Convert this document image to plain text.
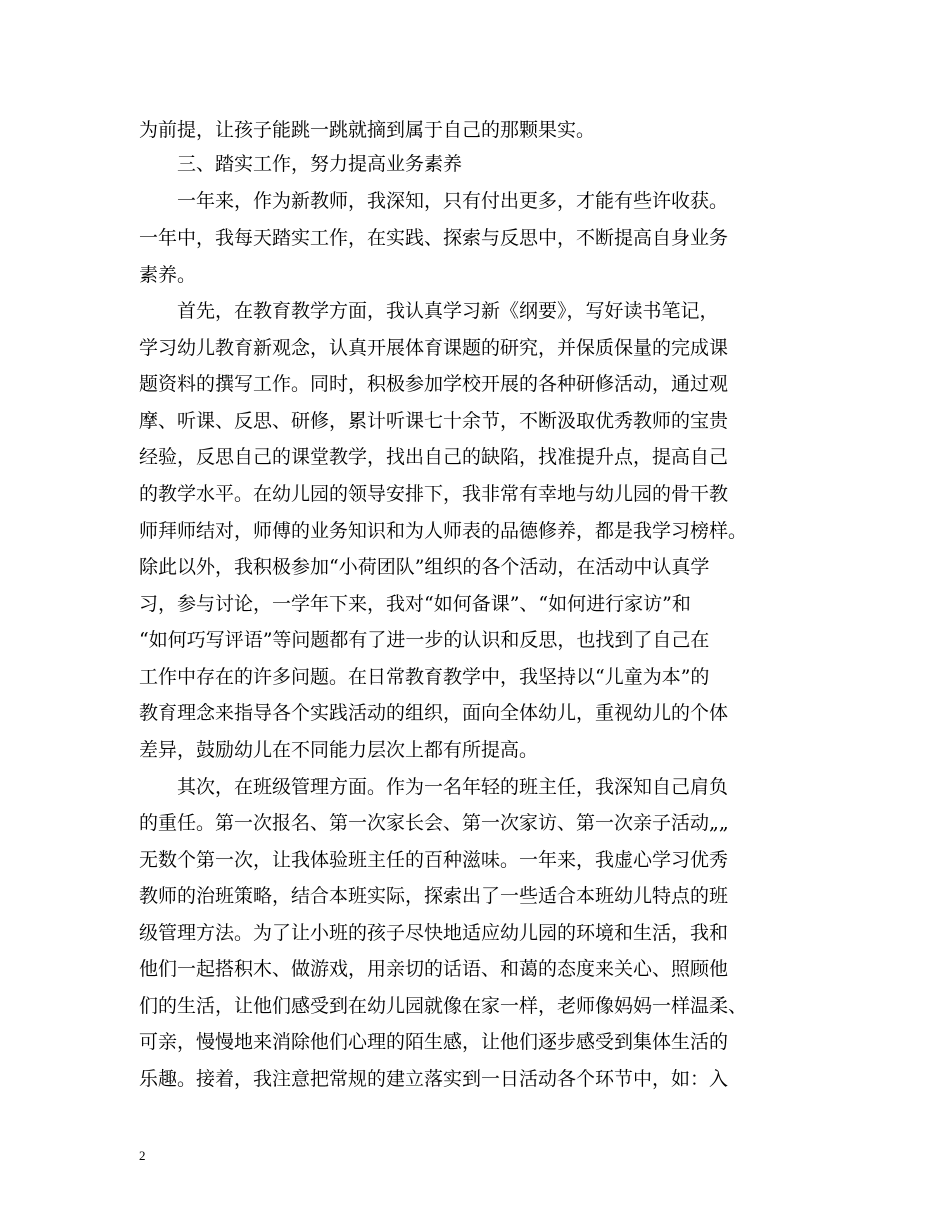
为前提，让孩子能跳一跳就摘到属于自己的那颗果实。
三、踏实工作，努力提高业务素养
一年来，作为新教师，我深知，只有付出更多，才能有些许收获。
一年中，我每天踏实工作，在实践、探索与反思中，不断提高自身业务
素养。
首先，在教育教学方面，我认真学习新《纲要》，写好读书笔记，
学习幼儿教育新观念，认真开展体育课题的研究，并保质保量的完成课
题资料的撰写工作。同时，积极参加学校开展的各种研修活动，通过观
摩、听课、反思、研修，累计听课七十余节，不断汲取优秀教师的宝贵
经验，反思自己的课堂教学，找出自己的缺陷，找准提升点，提高自己
的教学水平。在幼儿园的领导安排下，我非常有幸地与幼儿园的骨干教
师拜师结对，师傅的业务知识和为人师表的品德修养，都是我学习榜样。
除此以外，我积极参加“小荷团队”组织的各个活动，在活动中认真学
习，参与讨论，一学年下来，我对“如何备课”、“如何进行家访”和
“如何巧写评语”等问题都有了进一步的认识和反思，也找到了自己在
工作中存在的许多问题。在日常教育教学中，我坚持以“儿童为本”的
教育理念来指导各个实践活动的组织，面向全体幼儿，重视幼儿的个体
差异，鼓励幼儿在不同能力层次上都有所提高。
其次，在班级管理方面。作为一名年轻的班主任，我深知自己肩负
的重任。第一次报名、第一次家长会、第一次家访、第一次亲子活动„„
无数个第一次，让我体验班主任的百种滋味。一年来，我虚心学习优秀
教师的治班策略，结合本班实际，探索出了一些适合本班幼儿特点的班
级管理方法。为了让小班的孩子尽快地适应幼儿园的环境和生活，我和
他们一起搭积木、做游戏，用亲切的话语、和蔼的态度来关心、照顾他
们的生活，让他们感受到在幼儿园就像在家一样，老师像妈妈一样温柔、
可亲，慢慢地来消除他们心理的陌生感，让他们逐步感受到集体生活的
乐趣。接着，我注意把常规的建立落实到一日活动各个环节中，如：入
2
